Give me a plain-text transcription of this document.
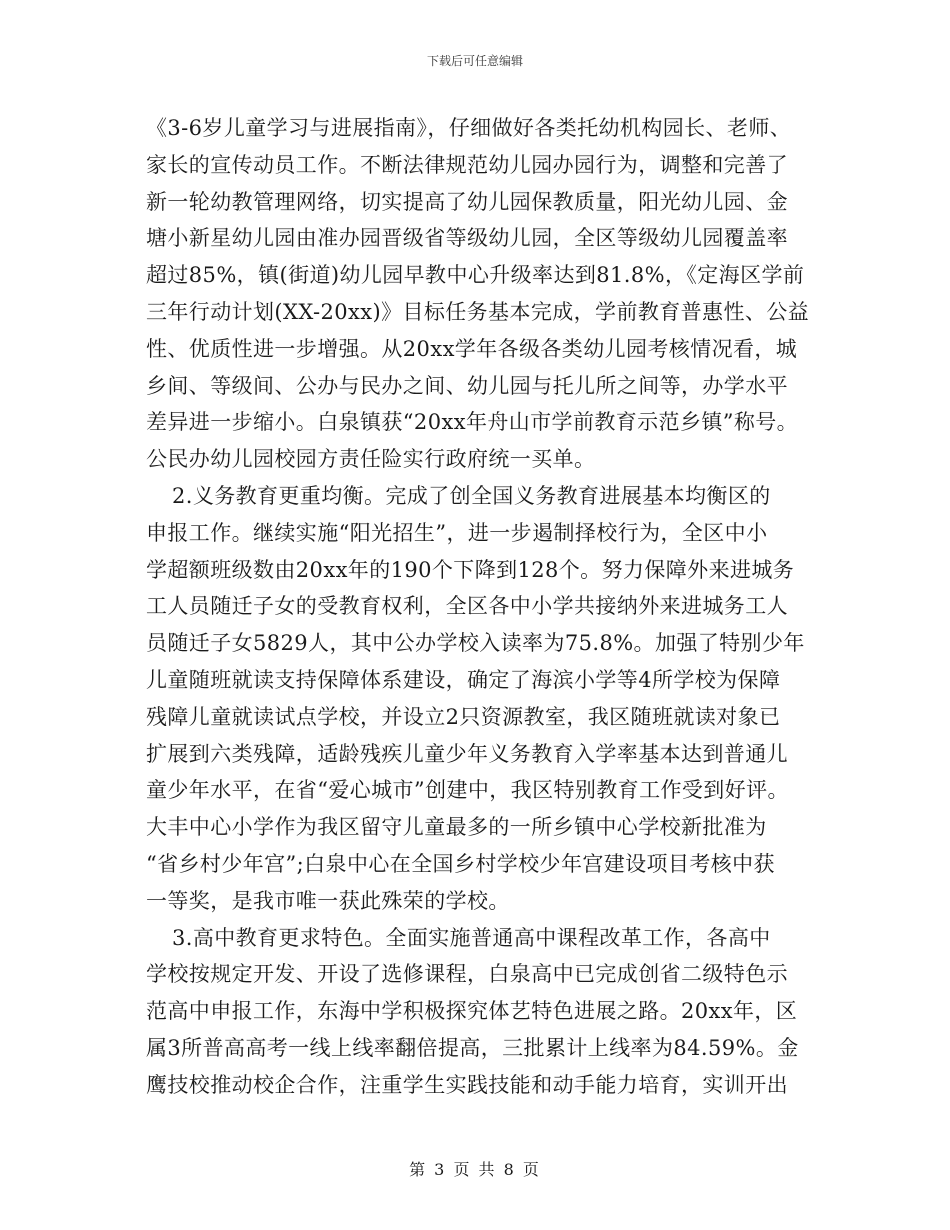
下载后可任意编辑
《3-6岁儿童学习与进展指南》，仔细做好各类托幼机构园长、老师、
家长的宣传动员工作。不断法律规范幼儿园办园行为，调整和完善了
新一轮幼教管理网络，切实提高了幼儿园保教质量，阳光幼儿园、金
塘小新星幼儿园由准办园晋级省等级幼儿园，全区等级幼儿园覆盖率
超过85%，镇(街道)幼儿园早教中心升级率达到81.8%，《定海区学前
三年行动计划(XX-20xx)》目标任务基本完成，学前教育普惠性、公益
性、优质性进一步增强。从20xx学年各级各类幼儿园考核情况看，城
乡间、等级间、公办与民办之间、幼儿园与托儿所之间等，办学水平
差异进一步缩小。白泉镇获“20xx年舟山市学前教育示范乡镇”称号。
公民办幼儿园校园方责任险实行政府统一买单。
2.义务教育更重均衡。完成了创全国义务教育进展基本均衡区的
申报工作。继续实施“阳光招生”，进一步遏制择校行为，全区中小
学超额班级数由20xx年的190个下降到128个。努力保障外来进城务
工人员随迁子女的受教育权利，全区各中小学共接纳外来进城务工人
员随迁子女5829人，其中公办学校入读率为75.8%。加强了特别少年
儿童随班就读支持保障体系建设，确定了海滨小学等4所学校为保障
残障儿童就读试点学校，并设立2只资源教室，我区随班就读对象已
扩展到六类残障，适龄残疾儿童少年义务教育入学率基本达到普通儿
童少年水平，在省“爱心城市”创建中，我区特别教育工作受到好评。
大丰中心小学作为我区留守儿童最多的一所乡镇中心学校新批准为
“省乡村少年宫”;白泉中心在全国乡村学校少年宫建设项目考核中获
一等奖，是我市唯一获此殊荣的学校。
3.高中教育更求特色。全面实施普通高中课程改革工作，各高中
学校按规定开发、开设了选修课程，白泉高中已完成创省二级特色示
范高中申报工作，东海中学积极探究体艺特色进展之路。20xx年，区
属3所普高高考一线上线率翻倍提高，三批累计上线率为84.59%。金
鹰技校推动校企合作，注重学生实践技能和动手能力培育，实训开出
第 3 页 共 8 页
